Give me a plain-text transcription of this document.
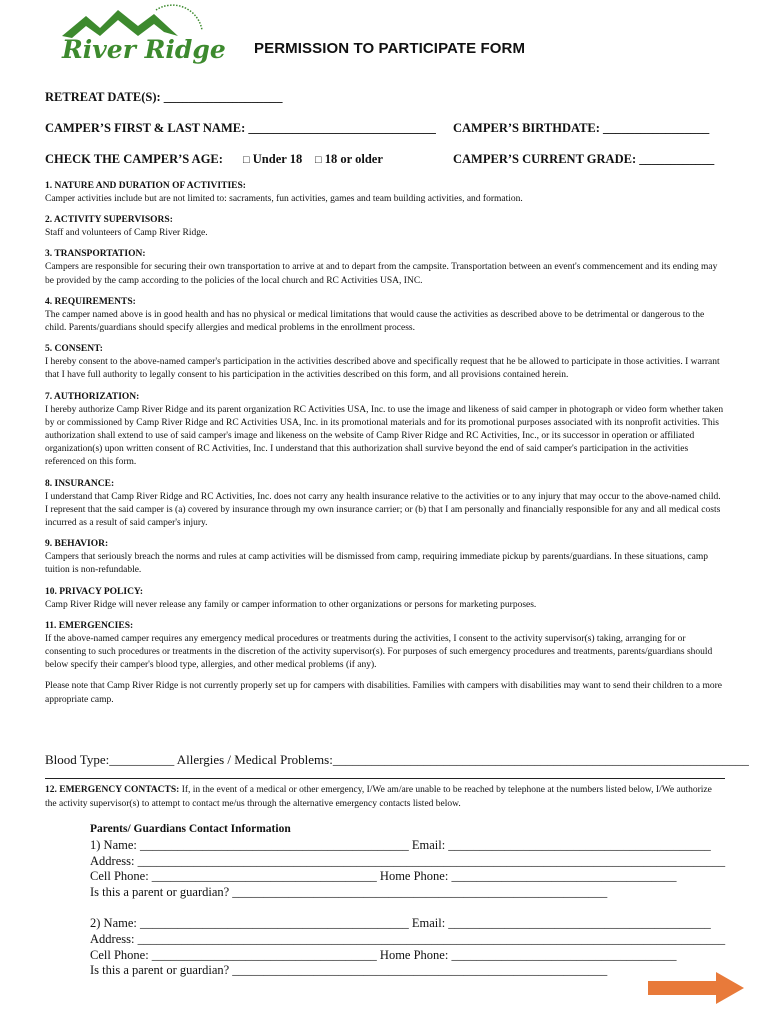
River Ridge PERMISSION TO PARTICIPATE FORM
RETREAT DATE(S): ___________________
CAMPER’S FIRST & LAST NAME: ______________________________ CAMPER’S BIRTHDATE: _________________
CHECK THE CAMPER’S AGE: □ Under 18 □ 18 or older	CAMPER’S CURRENT GRADE: ____________
1. NATURE AND DURATION OF ACTIVITIES:

Camper activities include but are not limited to: sacraments, fun activities, games and team building activities, and formation.

2. ACTIVITY SUPERVISORS:

Staff and volunteers of Camp River Ridge.

3. TRANSPORTATION:

Campers are responsible for securing their own transportation to arrive at and to depart from the campsite. Transportation between an event's commencement and its ending may be provided by the camp according to the policies of the local church and RC Activities USA, INC.

4. REQUIREMENTS:

The camper named above is in good health and has no physical or medical limitations that would cause the activities as described above to be detrimental or dangerous to the child. Parents/guardians should specify allergies and medical problems in the enrollment process.

5. CONSENT:

I hereby consent to the above-named camper's participation in the activities described above and specifically request that he be allowed to participate in those activities. I warrant that I have full authority to legally consent to his participation in the activities described on this form, and all provisions contained herein.

7. AUTHORIZATION:

I hereby authorize Camp River Ridge and its parent organization RC Activities USA, Inc. to use the image and likeness of said camper in photograph or video form whether taken by or commissioned by Camp River Ridge and RC Activities USA, Inc. in its promotional materials and for its promotional purposes associated with its nonprofit activities. This authorization shall extend to use of said camper's image and likeness on the website of Camp River Ridge and RC Activities, Inc., or its successor in operation or affiliated organization(s) upon written consent of RC Activities, Inc. I understand that this authorization shall survive beyond the end of said camper's participation in the activities referenced on this form.

8. INSURANCE:

I understand that Camp River Ridge and RC Activities, Inc. does not carry any health insurance relative to the activities or to any injury that may occur to the above-named child. I represent that the said camper is (a) covered by insurance through my own insurance carrier; or (b) that I am personally and financially responsible for any and all medical costs incurred as a result of said camper's injury.

9. BEHAVIOR:

Campers that seriously breach the norms and rules at camp activities will be dismissed from camp, requiring immediate pickup by parents/guardians. In these situations, camp tuition is non-refundable.

10. PRIVACY POLICY:

Camp River Ridge will never release any family or camper information to other organizations or persons for marketing purposes.

11. EMERGENCIES:

If the above-named camper requires any emergency medical procedures or treatments during the activities, I consent to the activity supervisor(s) taking, arranging for or consenting to such procedures or treatments in the discretion of the activity supervisor(s). For purposes of such emergency procedures and treatments, parents/guardians should below specify their camper's blood type, allergies, and other medical problems (if any).

Please note that Camp River Ridge is not currently properly set up for campers with disabilities. Families with campers with disabilities may want to send their children to a more appropriate camp.

Blood Type:__________ Allergies / Medical Problems:________________________________________________________________

12. EMERGENCY CONTACTS: If, in the event of a medical or other emergency, I/We am/are unable to be reached by telephone at the numbers listed below, I/We authorize the activity supervisor(s) to attempt to contact me/us through the alternative emergency contacts listed below.

Parents/ Guardians Contact Information
1) Name: ___________________________________________ Email: __________________________________________
Address: ______________________________________________________________________________________________
Cell Phone: ____________________________________ Home Phone: ____________________________________
Is this a parent or guardian? ____________________________________________________________
2) Name: ___________________________________________ Email: __________________________________________
Address: ______________________________________________________________________________________________
Cell Phone: ____________________________________ Home Phone: ____________________________________
Is this a parent or guardian? ____________________________________________________________
